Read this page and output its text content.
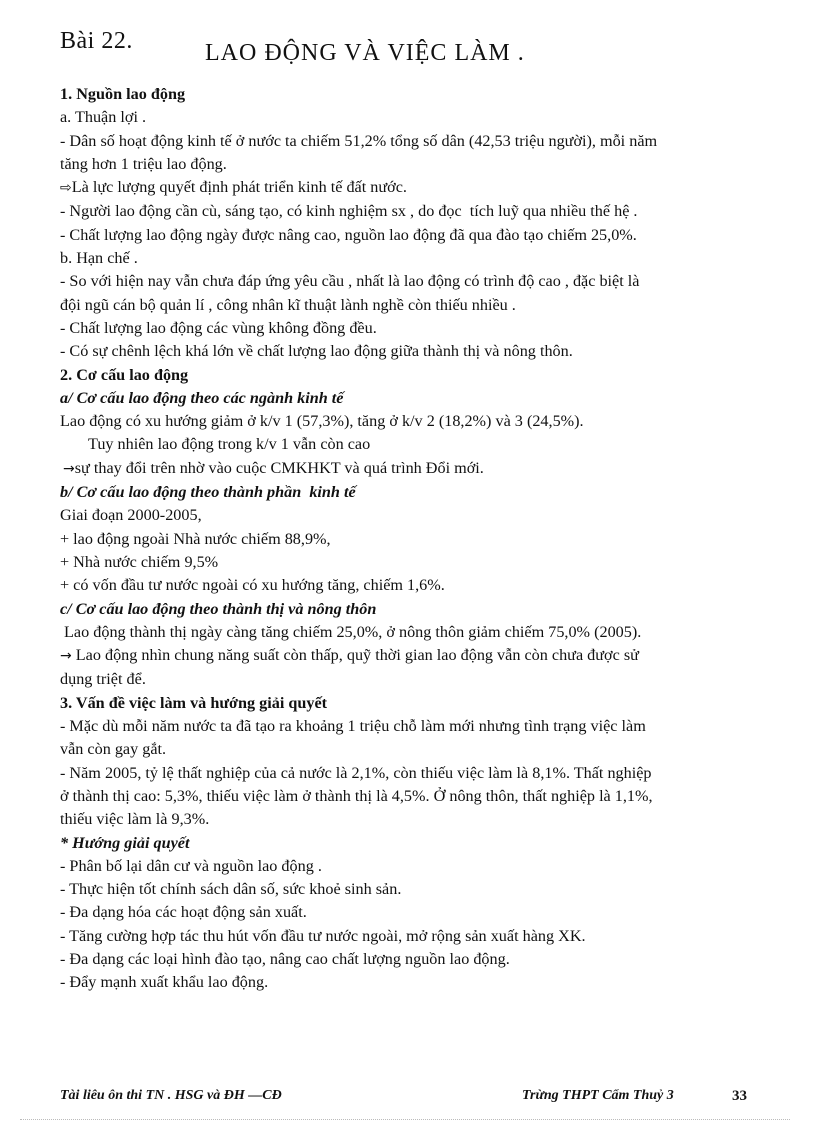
Bài 22.	LAO ĐỘNG VÀ VIỆC LÀM .
1. Nguồn lao động
a. Thuận lợi .
- Dân số hoạt động kinh tế ở nước ta chiếm 51,2% tổng số dân (42,53 triệu người), mỗi năm
tăng hơn 1 triệu lao động.
⇨Là lực lượng quyết định phát triển kinh tế đất nước.
- Người lao động cần cù, sáng tạo, có kinh nghiệm sx , do đọc  tích luỹ qua nhiều thế hệ .
- Chất lượng lao động ngày được nâng cao, nguồn lao động đã qua đào tạo chiếm 25,0%.
b. Hạn chế .
- So với hiện nay vẫn chưa đáp ứng yêu cầu , nhất là lao động có trình độ cao , đặc biệt là
đội ngũ cán bộ quản lí , công nhân kĩ thuật lành nghề còn thiếu nhiều .
- Chất lượng lao động các vùng không đồng đều.
- Có sự chênh lệch khá lớn về chất lượng lao động giữa thành thị và nông thôn.
2. Cơ cấu lao động
a/ Cơ cấu lao động theo các ngành kinh tế
Lao động có xu hướng giảm ở k/v 1 (57,3%), tăng ở k/v 2 (18,2%) và 3 (24,5%).
Tuy nhiên lao động trong k/v 1 vẫn còn cao
→sự thay đổi trên nhờ vào cuộc CMKHKT và quá trình Đổi mới.
b/ Cơ cấu lao động theo thành phần  kinh tế
Giai đoạn 2000-2005,
+ lao động ngoài Nhà nước chiếm 88,9%,
+ Nhà nước chiếm 9,5%
+ có vốn đầu tư nước ngoài có xu hướng tăng, chiếm 1,6%.
c/ Cơ cấu lao động theo thành thị và nông thôn
Lao động thành thị ngày càng tăng chiếm 25,0%, ở nông thôn giảm chiếm 75,0% (2005).
→ Lao động nhìn chung năng suất còn thấp, quỹ thời gian lao động vẫn còn chưa được sử
dụng triệt để.
3. Vấn đề việc làm và hướng giải quyết
- Mặc dù mỗi năm nước ta đã tạo ra khoảng 1 triệu chỗ làm mới nhưng tình trạng việc làm
vẫn còn gay gắt.
- Năm 2005, tỷ lệ thất nghiệp của cả nước là 2,1%, còn thiếu việc làm là 8,1%. Thất nghiệp
ở thành thị cao: 5,3%, thiếu việc làm ở thành thị là 4,5%. Ở nông thôn, thất nghiệp là 1,1%,
thiếu việc làm là 9,3%.
* Hướng giải quyết
- Phân bố lại dân cư và nguồn lao động .
- Thực hiện tốt chính sách dân số, sức khoẻ sinh sản.
- Đa dạng hóa các hoạt động sản xuất.
- Tăng cường hợp tác thu hút vốn đầu tư nước ngoài, mở rộng sản xuất hàng XK.
- Đa dạng các loại hình đào tạo, nâng cao chất lượng nguồn lao động.
- Đẩy mạnh xuất khẩu lao động.
Tài liêu ôn thi TN . HSG và ĐH —CĐ	Trừng THPT Cẩm Thuỷ 3	33
